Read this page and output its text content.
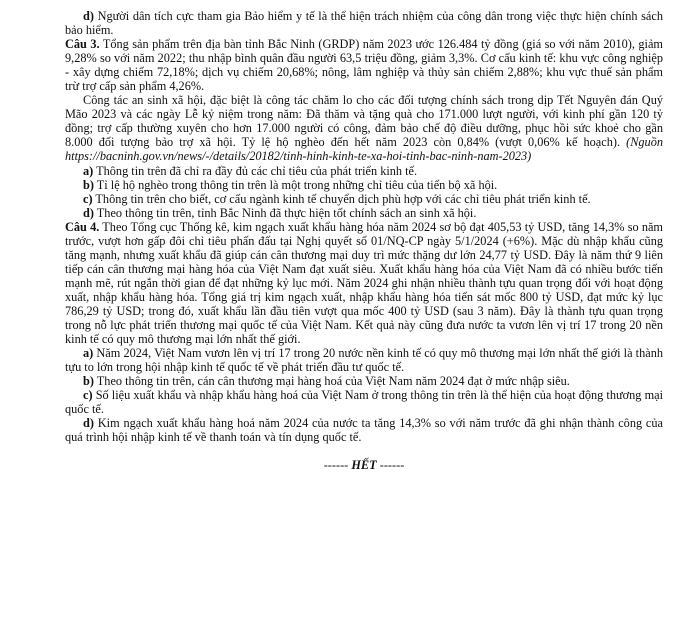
d) Người dân tích cực tham gia Bảo hiểm y tế là thể hiện trách nhiệm của công dân trong việc thực hiện chính sách bảo hiểm.

Câu 3. Tổng sản phẩm trên địa bàn tỉnh Bắc Ninh (GRDP) năm 2023 ước 126.484 tỷ đồng (giá so với năm 2010), giảm 9,28% so với năm 2022; thu nhập bình quân đầu người 63,5 triệu đồng, giảm 3,3%. Cơ cấu kinh tế: khu vực công nghiệp - xây dựng chiếm 72,18%; dịch vụ chiếm 20,68%; nông, lâm nghiệp và thủy sản chiếm 2,88%; khu vực thuế sản phẩm trừ trợ cấp sản phẩm 4,26%.

Công tác an sinh xã hội, đặc biệt là công tác chăm lo cho các đối tượng chính sách trong dịp Tết Nguyên đán Quý Mão 2023 và các ngày Lễ kỷ niệm trong năm: Đã thăm và tặng quà cho 171.000 lượt người, với kinh phí gần 120 tỷ đồng; trợ cấp thường xuyên cho hơn 17.000 người có công, đảm bảo chế độ điều dưỡng, phục hồi sức khoẻ cho gần 8.000 đối tượng bảo trợ xã hội. Tỷ lệ hộ nghèo đến hết năm 2023 còn 0,84% (vượt 0,06% kế hoạch). (Nguồn https://bacninh.gov.vn/news/-/details/20182/tinh-hinh-kinh-te-xa-hoi-tinh-bac-ninh-nam-2023)

a) Thông tin trên đã chỉ ra đầy đủ các chỉ tiêu của phát triển kinh tế.

b) Tỉ lệ hộ nghèo trong thông tin trên là một trong những chỉ tiêu của tiến bộ xã hội.

c) Thông tin trên cho biết, cơ cấu ngành kinh tế chuyển dịch phù hợp với các chỉ tiêu phát triển kinh tế.

d) Theo thông tin trên, tỉnh Bắc Ninh đã thực hiện tốt chính sách an sinh xã hội.

Câu 4. Theo Tổng cục Thống kê, kim ngạch xuất khẩu hàng hóa năm 2024 sơ bộ đạt 405,53 tỷ USD, tăng 14,3% so năm trước, vượt hơn gấp đôi chỉ tiêu phấn đấu tại Nghị quyết số 01/NQ-CP ngày 5/1/2024 (+6%). Mặc dù nhập khẩu cũng tăng mạnh, nhưng xuất khẩu đã giúp cán cân thương mại duy trì mức thặng dư lớn 24,77 tỷ USD. Đây là năm thứ 9 liên tiếp cán cân thương mại hàng hóa của Việt Nam đạt xuất siêu. Xuất khẩu hàng hóa của Việt Nam đã có nhiều bước tiến mạnh mẽ, rút ngắn thời gian để đạt những kỷ lục mới. Năm 2024 ghi nhận nhiều thành tựu quan trọng đối với hoạt động xuất, nhập khẩu hàng hóa. Tổng giá trị kim ngạch xuất, nhập khẩu hàng hóa tiến sát mốc 800 tỷ USD, đạt mức kỷ lục 786,29 tỷ USD; trong đó, xuất khẩu lần đầu tiên vượt qua mốc 400 tỷ USD (sau 3 năm). Đây là thành tựu quan trọng trong nỗ lực phát triển thương mại quốc tế của Việt Nam. Kết quả này cũng đưa nước ta vươn lên vị trí 17 trong 20 nền kinh tế có quy mô thương mại lớn nhất thế giới.

a) Năm 2024, Việt Nam vươn lên vị trí 17 trong 20 nước nền kinh tế có quy mô thương mại lớn nhất thế giới là thành tựu to lớn trong hội nhập kinh tế quốc tế về phát triển đầu tư quốc tế.

b) Theo thông tin trên, cán cân thương mại hàng hoá của Việt Nam năm 2024 đạt ở mức nhập siêu.

c) Số liệu xuất khẩu và nhập khẩu hàng hoá của Việt Nam ở trong thông tin trên là thể hiện của hoạt động thương mại quốc tế.

d) Kim ngạch xuất khẩu hàng hoá năm 2024 của nước ta tăng 14,3% so với năm trước đã ghi nhận thành công của quá trình hội nhập kinh tế về thanh toán và tín dụng quốc tế.

------ HẾT ------
